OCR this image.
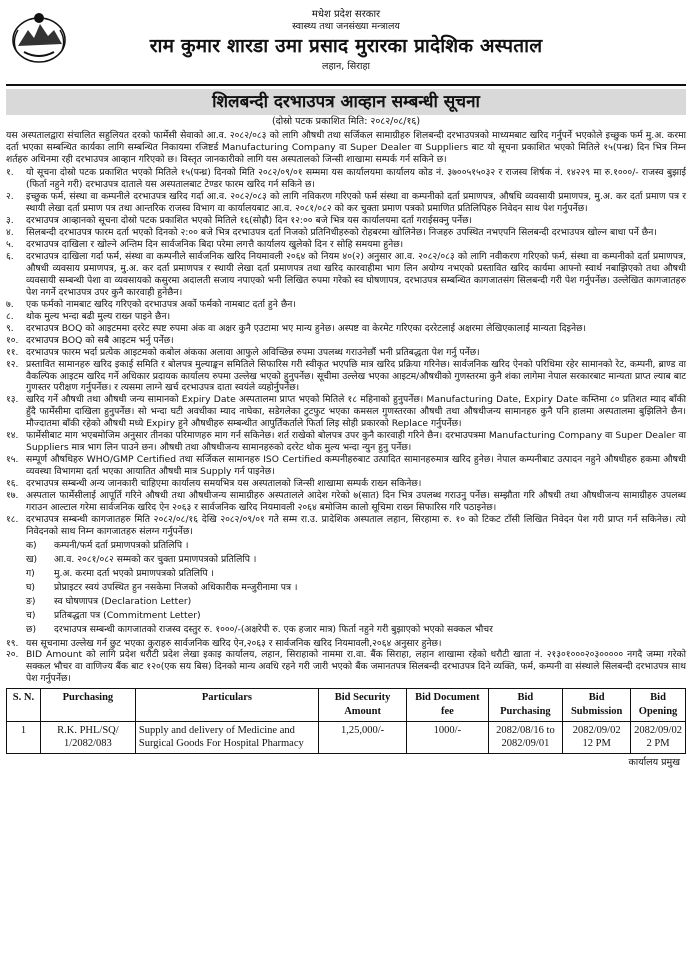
मधेश प्रदेश सरकार
स्वास्थ्य तथा जनसंख्या मन्त्रालय
राम कुमार शारडा उमा प्रसाद मुरारका प्रादेशिक अस्पताल
लहान, सिराहा
शिलबन्दी दरभाउपत्र आव्हान सम्बन्धी सूचना
(दोस्रो पटक प्रकाशित मिति: २०८२/०८/१६)
यस अस्पतालद्वारा संचालित सहुलियत दरको फार्मेसी सेवाको आ.व. २०८२/०८३ को लागि औषधी तथा सर्जिकल सामाग्रीहरु शिलबन्दी दरभाउपत्रको माध्यमबाट खरिद गर्नुपर्ने भएकोले इच्छुक फर्म मु.अ. करमा दर्ता भएका सम्बन्धित कार्यका लागि सम्बन्धित निकायमा रजिष्टर्ड Manufacturing Company वा Super Dealer वा Suppliers बाट यो सूचना प्रकाशित भएको मितिले १५(पन्ध्र) दिन भित्र निम्न शर्तहरु अधिनमा रही दरभाउपत्र आव्हान गरिएको छ। विस्तृत जानकारीको लागि यस अस्पतालको जिन्सी शाखामा सम्पर्क गर्न सकिने छ।
१.	यो सूचना दोस्रो पटक प्रकाशित भएको मितिले १५(पन्ध्र) दिनको मिति २०८२/०९/०१ सम्ममा यस कार्यालयमा कार्यालय कोड नं. ३७००५१५०३२ र राजस्व शिर्षक नं. १४२२९ मा रु.१०००/- राजस्व बुझाई (फिर्ता नहुने गरी) दरभाउपत्र दाताले यस अस्पतालबाट टेण्डर फारम खरिद गर्न सकिने छ।
२.	इच्छुक फर्म, संस्था वा कम्पनीले दरभाउपत्र खरिद गर्दा आ.व. २०८२/०८३ को लागि नविकरण गरिएको फर्म संस्था वा कम्पनीको दर्ता प्रमाणपत्र, औषधि व्यवसायी प्रमाणपत्र, मु.अ. कर दर्ता प्रमाण पत्र र स्थायी लेखा दर्ता प्रमाण पत्र तथा आन्तरिक राजस्व विभाग वा कार्यालयबाट आ.व. २०८१/०८२ को कर चुक्ता प्रमाण पत्रको प्रमाणित प्रतिलिपिहरु निवेदन साथ पेश गर्नुपर्नेछ।
३.	दरभाउपत्र आव्हानको सूचना दोस्रो पटक प्रकाशित भएको मितिले १६(सोह्रौ) दिन १२:०० बजे भित्र यस कार्यालयमा दर्ता गराईसक्नु पर्नेछ।
४.	सिलबन्दी दरभाउपत्र फारम दर्ता भएको दिनको २:०० बजे भित्र दरभाउपत्र दर्ता निजको प्रतिनिधीहरुको रोहबरमा खोलिनेछ। निजहरु उपस्थित नभएपनि सिलबन्दी दरभाउपत्र खोल्न बाधा पर्ने छैन।
५.	दरभाउपत्र दाखिला र खोल्ने अन्तिम दिन सार्वजनिक बिदा परेमा लगत्तै कार्यालय खुलेको दिन र सोहि समयमा हुनेछ।
६.	दरभाउपत्र दाखिला गर्दा फर्म, संस्था वा कम्पनीले सार्वजनिक खरिद नियमावली २०६४ को नियम ४०(२) अनुसार आ.व. २०८२/०८३ को लागि नवीकरण गरिएको फर्म, संस्था वा कम्पनीको दर्ता प्रमाणपत्र, औषधी व्यवसाय प्रमाणपत्र, मु.अ. कर दर्ता प्रमाणपत्र र स्थायी लेखा दर्ता प्रमाणपत्र तथा खरिद कारवाहीमा भाग लिन अयोग्य नभएको प्रस्तावित खरिद कार्यमा आफ्नो स्वार्थ नबाझिएको तथा औषधी व्यवसायी सम्बन्धी पेशा वा व्यवसायको कसुरमा अदालती सजाय नपाएको भनी लिखित रुपमा गरेको स्व घोषणापत्र, दरभाउपत्र सम्बन्धित कागजातसंग सिलबन्दी गरी पेश गर्नुपर्नेछ। उल्लेखित कागजातहरु पेश नगर्ने दरभाउपत्र उपर कुनै कारवाही हुनेछैन।
७.	एक फर्मको नामबाट खरिद गरिएको दरभाउपत्र अर्को फर्मको नामबाट दर्ता हुने छैन।
८.	थोक मुल्य भन्दा बढी मुल्य राख्न पाइने छैन।
९.	दरभाउपत्र BOQ को आइटममा दररेट स्पष्ट रुपमा अंक वा अक्षर कुनै एउटामा भए मान्य हुनेछ। अस्पष्ट वा केरमेट गरिएका दररेटलाई अक्षरमा लेखिएकालाई मान्यता दिइनेछ।
१०. दरभाउपत्र BOQ को सबै आइटम भर्नु पर्नेछ।
११. दरभाउपत्र फारम भर्दा प्रत्येक आइटमको कबोल अंकका अलावा आफुले अविच्छिन्न रुपमा उपलब्ध गराउनेछौं भनी प्रतिबद्धता पेश गर्नु पर्नेछ।
१२. प्रस्तावित सामानहरु खरिद इकाई समिति र बोलपत्र मुल्याङ्कन समितिले सिफारिस गरी स्वीकृत भएपछि मात्र खरिद प्रक्रिया गरिनेछ। सार्वजनिक खरिद ऐनको परिधिमा रहेर सामानको रेट, कम्पनी, ब्राण्ड वा वैकल्पिक आइटम खरिद गर्ने अधिकार प्रदायक कार्यालय रुपमा उल्लेख भएको हुनुपर्नेछ। सूचीमा उल्लेख भएका आइटम/औषधीको गुणस्तरमा कुनै शंका लागेमा नेपाल सरकारबाट मान्यता प्राप्त ल्याब बाट गुणस्तर परीक्षण गर्नुपर्नेछ। र त्यसमा लाग्ने खर्च दरभाउपत्र दाता स्वयंले व्यहोर्नुपर्नेछ।
१३. खरिद गर्ने औषधी तथा औषधी जन्य सामानको Expiry Date अस्पतालमा प्राप्त भएको मितिले १८ महिनाको हुनुपर्नेछ। Manufacturing Date, Expiry Date कम्तिमा ८० प्रतिशत म्याद बाँकी हुँदै फार्मेसीमा दाखिला हुनुपर्नेछ। सो भन्दा घटी अवधीका म्याद नाघेका, सडेगलेका टुटफुट भएका कमसल गुणस्तरका औषधी तथा औषधीजन्य सामानहरु कुनै पनि हालमा अस्पतालमा बुझिलिने छैन। मौज्दातमा बाँकी रहेको औषधी मध्ये Expiry हुने औषधीहरु सम्बन्धीत आपुर्तिकर्ताले फिर्ता लिइ सोही प्रकारको Replace गर्नुपर्नेछ।
१४. फार्मेसीबाट माग भएबमोजिम अनुसार तीनका परिमाणहरु माग गर्न सकिनेछ। शर्त राखेको बोलपत्र उपर कुनै कारवाही गरिने छैन। दरभाउपत्रमा Manufacturing Company वा Super Dealer वा Suppliers मात्र भाग लिन पाउने छन। औषधी तथा औषधीजन्य सामानहरुको दररेट थोक मुल्य भन्दा न्युन हुनु पर्नेछ।
१५. सम्पूर्ण औषधिहरु WHO/GMP Certified तथा सर्जिकल सामानहरु ISO Certified कम्पनीहरुबाट उत्पादित सामानहरुमात्र खरिद हुनेछ। नेपाल कम्पनीबाट उत्पादन नहुने औषधीहरु हकमा औषधी व्यवस्था विभागमा दर्ता भएका आयातित औषधी मात्र Supply गर्न पाइनेछ।
१६. दरभाउपत्र सम्बन्धी अन्य जानकारी चाहिएमा कार्यालय समयभित्र यस अस्पतालको जिन्सी शाखामा सम्पर्क राख्न सकिनेछ।
१७. अस्पताल फार्मेसीलाई आपूर्ति गरिने औषधी तथा औषधीजन्य सामाग्रीहरु अस्पतालले आदेश गरेको ७(सात) दिन भित्र उपलब्ध गराउनु पर्नेछ। सम्झौता गरि औषधी तथा औषधीजन्य सामाग्रीहरु उपलब्ध गराउन आल्टाल गरेमा सार्वजनिक खरिद ऐन २०६३ र सार्वजनिक खरिद नियमावली २०६४ बमोजिम कालो सूचिमा राख्न सिफारिस गरि पठाइनेछ।
१८. दरभाउपत्र सम्बन्धी कागजातहरु मिति २०८२/०८/१६ देखि २०८२/०९/०१ गते सम्म रा.उ. प्रादेशिक अस्पताल लहान, सिरहामा रु. १० को टिकट टाँसी लिखित निवेदन पेश गरी प्राप्त गर्न सकिनेछ। त्यो निवेदनको साथ निम्न कागजातहरु संलग्न गर्नुपर्नेछ।
क)	कम्पनी/फर्म दर्ता प्रमाणपत्रको प्रतिलिपि ।
ख)	आ.व. २०८१/०८२ सम्मको कर चुक्ता प्रमाणपत्रको प्रतिलिपि ।
ग)	मु.अ. करमा दर्ता भएको प्रमाणपत्रको प्रतिलिपि ।
घ)	प्रोप्राइटर स्वयं उपस्थित हुन नसकेमा निजको अधिकारीक मन्जुरीनामा पत्र ।
ङ)	स्व घोषणापत्र (Declaration Letter)
च)	प्रतिबद्धता पत्र (Commitment Letter)
छ)	दरभाउपत्र सम्बन्धी कागजातको राजस्व दस्तुर रु. १०००/-(अक्षरेपी रु. एक हजार मात्र) फिर्ता नहुने गरी बुझाएको भएको सक्कल भौचर
१९. यस सूचनामा उल्लेख गर्न छुट भएका कुराहरु सार्वजनिक खरिद ऐन,२०६३ र सार्वजनिक खरिद नियमावली,२०६४ अनुसार हुनेछ।
२०. BID Amount को लागि प्रदेश धरौटी प्रदेश लेखा इकाइ कार्यालय, लहान, सिराहाको नाममा रा.वा. बैंक सिराहा, लहान शाखामा रहेको धरौटी खाता नं. २१३०१०००२०३००००० नगदै जम्मा गरेको सक्कल भौचर वा वाणिज्य बैंक बाट १२०(एक सय बिस) दिनको मान्य अवधि रहने गरी जारी भएको बैंक जमानतपत्र सिलबन्दी दरभाउपत्र दिने व्यक्ति, फर्म, कम्पनी वा संस्थाले सिलबन्दी दरभाउपत्र साथ पेश गर्नुपर्नेछ।
S. N.	Purchasing	Particulars	Bid Security Amount	Bid Document fee	Bid Purchasing	Bid Submission	Bid Opening
1	R.K. PHL/SQ/ 1/2082/083	Supply and delivery of Medicine and Surgical Goods For Hospital Pharmacy	1,25,000/-	1000/-	2082/08/16 to 2082/09/01	2082/09/02 12 PM	2082/09/02 2 PM
कार्यालय प्रमुख
